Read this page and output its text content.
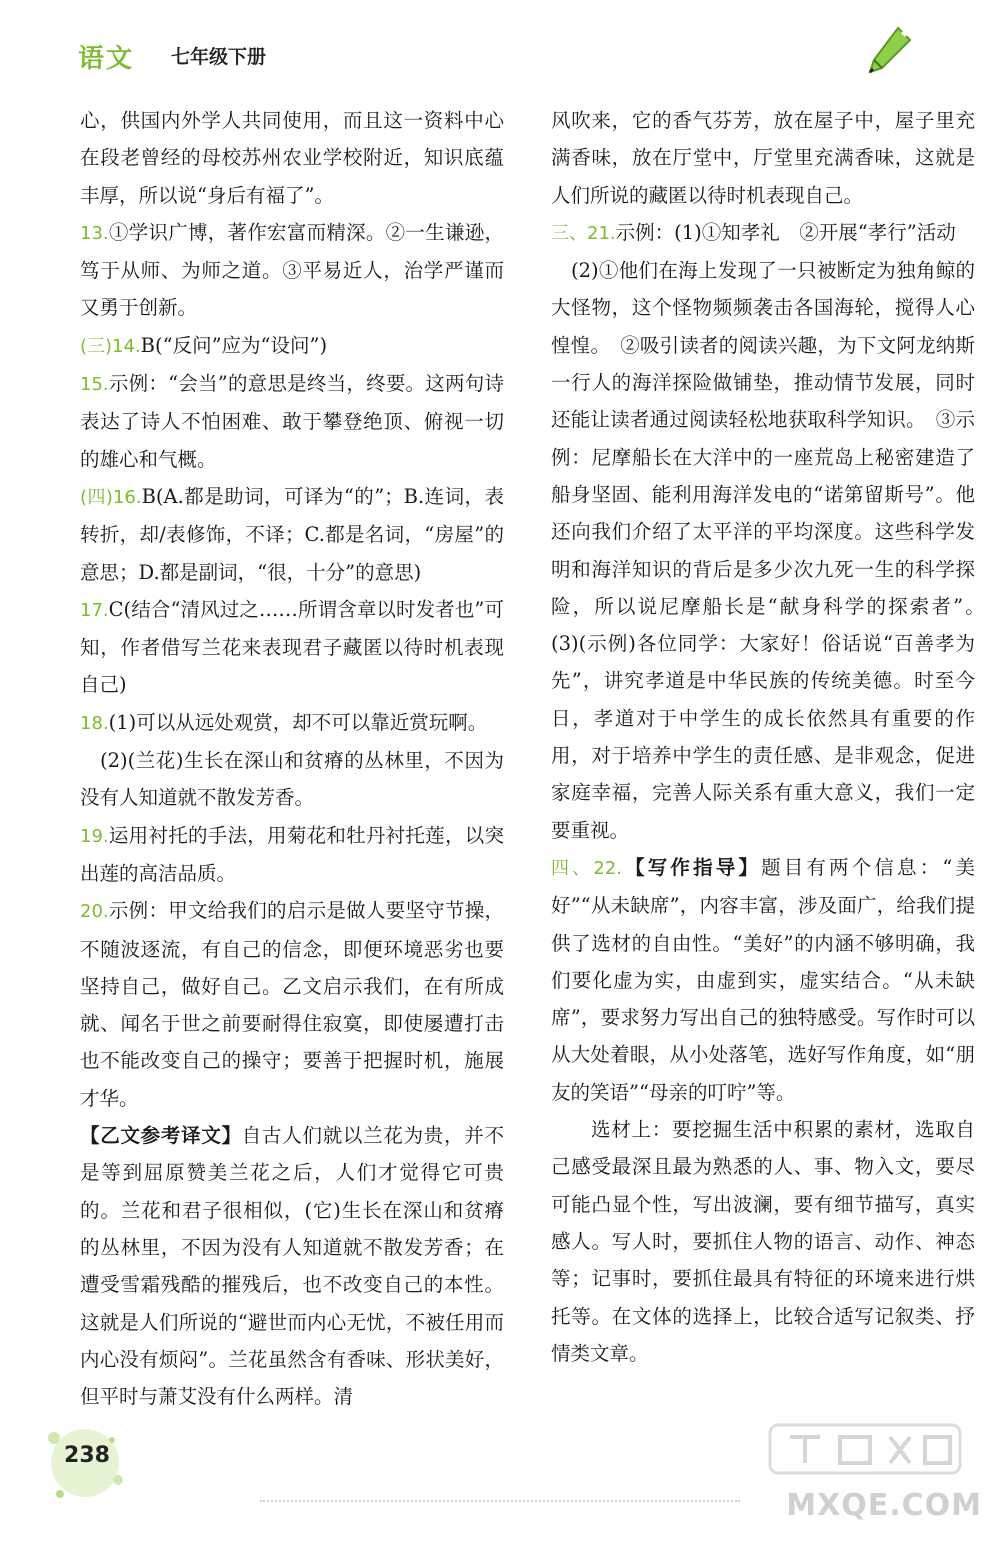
语文 七年级下册

心，供国内外学人共同使用，而且这一资料中心在段老曾经的母校苏州农业学校附近，知识底蕴丰厚，所以说“身后有福了”。

13.①学识广博，著作宏富而精深。②一生谦逊，笃于从师、为师之道。③平易近人，治学严谨而又勇于创新。

(三)14.B(“反问”应为“设问”)

15.示例：“会当”的意思是终当，终要。这两句诗表达了诗人不怕困难、敢于攀登绝顶、俯视一切的雄心和气概。

(四)16.B(A.都是助词，可译为“的”；B.连词，表转折，却/表修饰，不译；C.都是名词，“房屋”的意思；D.都是副词，“很，十分”的意思)

17.C(结合“清风过之……所谓含章以时发者也”可知，作者借写兰花来表现君子藏匿以待时机表现自己)

18.(1)可以从远处观赏，却不可以靠近赏玩啊。

(2)(兰花)生长在深山和贫瘠的丛林里，不因为没有人知道就不散发芳香。

19.运用衬托的手法，用菊花和牡丹衬托莲，以突出莲的高洁品质。

20.示例：甲文给我们的启示是做人要坚守节操，不随波逐流，有自己的信念，即便环境恶劣也要坚持自己，做好自己。乙文启示我们，在有所成就、闻名于世之前要耐得住寂寞，即使屡遭打击也不能改变自己的操守；要善于把握时机，施展才华。

【乙文参考译文】自古人们就以兰花为贵，并不是等到屈原赞美兰花之后，人们才觉得它可贵的。兰花和君子很相似，(它)生长在深山和贫瘠的丛林里，不因为没有人知道就不散发芳香；在遭受雪霜残酷的摧残后，也不改变自己的本性。这就是人们所说的“避世而内心无忧，不被任用而内心没有烦闷”。兰花虽然含有香味、形状美好，但平时与萧艾没有什么两样。清

风吹来，它的香气芬芳，放在屋子中，屋子里充满香味，放在厅堂中，厅堂里充满香味，这就是人们所说的藏匿以待时机表现自己。

三、21.示例：(1)①知孝礼　②开展“孝行”活动

(2)①他们在海上发现了一只被断定为独角鲸的大怪物，这个怪物频频袭击各国海轮，搅得人心惶惶。　②吸引读者的阅读兴趣，为下文阿龙纳斯一行人的海洋探险做铺垫，推动情节发展，同时还能让读者通过阅读轻松地获取科学知识。　③示例：尼摩船长在大洋中的一座荒岛上秘密建造了船身坚固、能利用海洋发电的“诺第留斯号”。他还向我们介绍了太平洋的平均深度。这些科学发明和海洋知识的背后是多少次九死一生的科学探险，所以说尼摩船长是“献身科学的探索者”。　(3)(示例)各位同学：大家好！俗话说“百善孝为先”，讲究孝道是中华民族的传统美德。时至今日，孝道对于中学生的成长依然具有重要的作用，对于培养中学生的责任感、是非观念，促进家庭幸福，完善人际关系有重大意义，我们一定要重视。

四、22.【写作指导】题目有两个信息：“美好”“从未缺席”，内容丰富，涉及面广，给我们提供了选材的自由性。“美好”的内涵不够明确，我们要化虚为实，由虚到实，虚实结合。“从未缺席”，要求努力写出自己的独特感受。写作时可以从大处着眼，从小处落笔，选好写作角度，如“朋友的笑语”“母亲的叮咛”等。

选材上：要挖掘生活中积累的素材，选取自己感受最深且最为熟悉的人、事、物入文，要尽可能凸显个性，写出波澜，要有细节描写，真实感人。写人时，要抓住人物的语言、动作、神态等；记事时，要抓住最具有特征的环境来进行烘托等。在文体的选择上，比较合适写记叙类、抒情类文章。

238
MXQE.COM
